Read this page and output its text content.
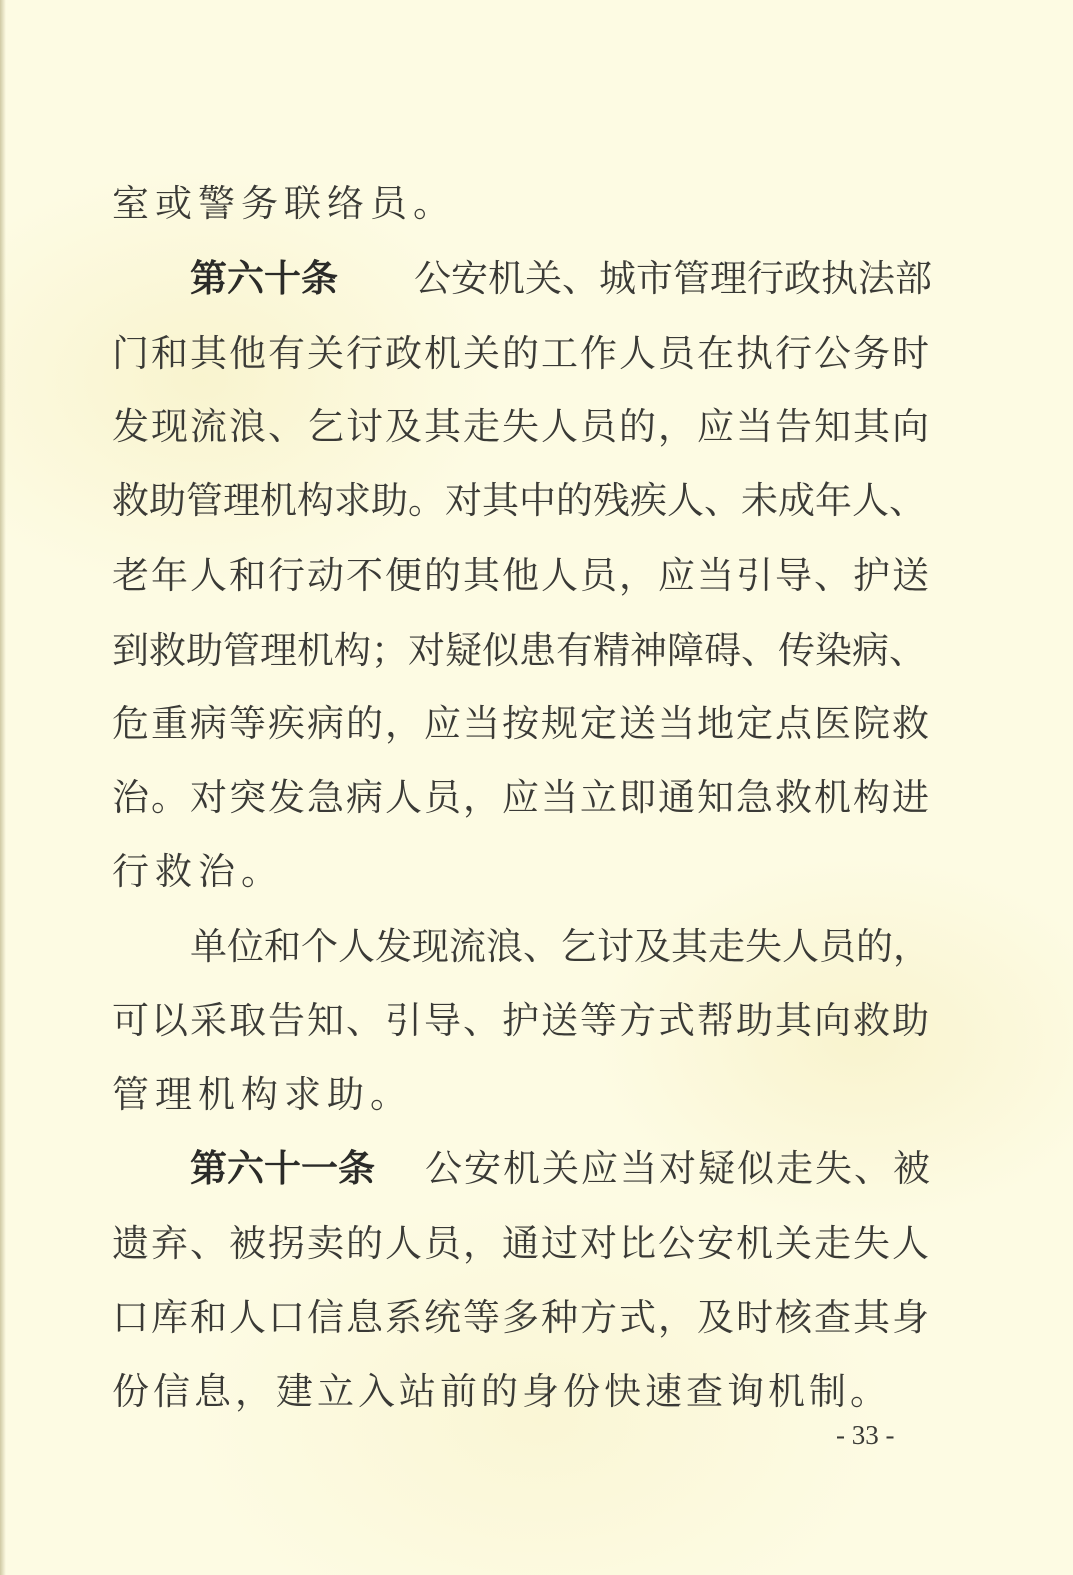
室或警务联络员。
第六十条 公安机关、城市管理行政执法部
门和其他有关行政机关的工作人员在执行公务时
发现流浪、乞讨及其走失人员的，应当告知其向
救助管理机构求助。对其中的残疾人、未成年人、
老年人和行动不便的其他人员，应当引导、护送
到救助管理机构；对疑似患有精神障碍、传染病、
危重病等疾病的，应当按规定送当地定点医院救
治。对突发急病人员，应当立即通知急救机构进
行救治。
单位和个人发现流浪、乞讨及其走失人员的，
可以采取告知、引导、护送等方式帮助其向救助
管理机构求助。
第六十一条 公安机关应当对疑似走失、被
遗弃、被拐卖的人员，通过对比公安机关走失人
口库和人口信息系统等多种方式，及时核查其身
份信息，建立入站前的身份快速查询机制。
- 33 -
